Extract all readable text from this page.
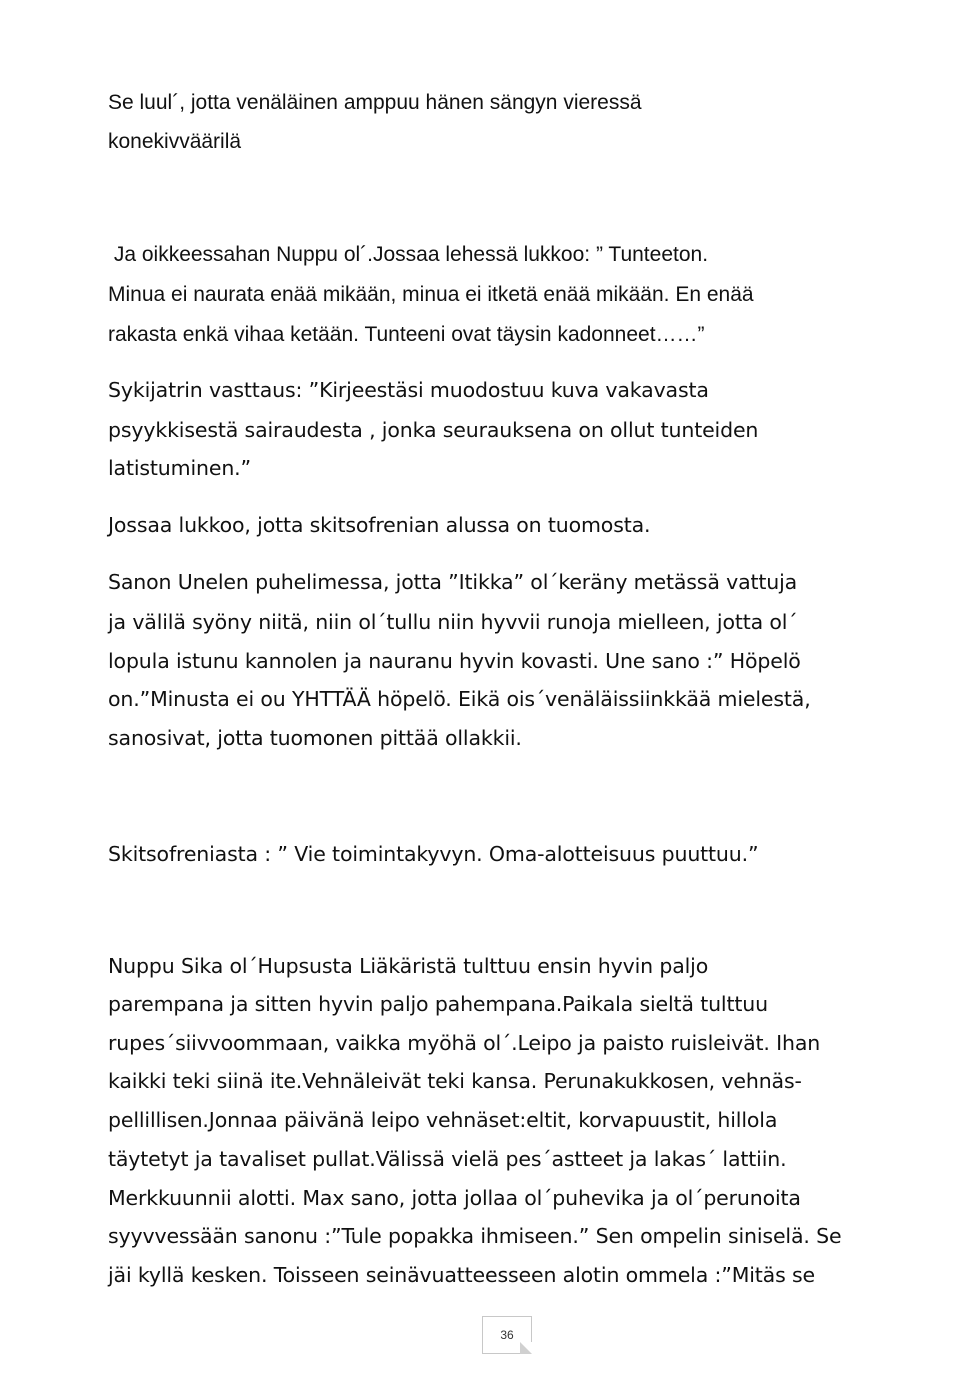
Se luul´, jotta venäläinen amppuu hänen sängyn vieressä
konekivväärilä
Ja oikkeessahan Nuppu ol´.Jossaa lehessä lukkoo: ” Tunteeton.
Minua ei naurata enää mikään, minua ei itketä enää mikään. En enää
rakasta enkä vihaa ketään. Tunteeni ovat täysin kadonneet……”
Sykijatrin vasttaus: ”Kirjeestäsi muodostuu kuva vakavasta
psyykkisestä sairaudesta , jonka seurauksena on ollut tunteiden
latistuminen.”
Jossaa lukkoo, jotta skitsofrenian alussa on tuomosta.
Sanon Unelen puhelimessa, jotta ”Itikka” ol´keräny metässä vattuja
ja välilä syöny niitä, niin ol´tullu niin hyvvii runoja mielleen, jotta ol´
lopula istunu kannolen ja nauranu hyvin kovasti. Une sano :” Höpelö
on.”Minusta ei ou YHTTÄÄ höpelö. Eikä ois´venäläissiinkkää mielestä,
sanosivat, jotta tuomonen pittää ollakkii.
Skitsofreniasta : ” Vie toimintakyvyn. Oma-alotteisuus puuttuu.”
Nuppu Sika ol´Hupsusta Liäkäristä tulttuu ensin hyvin paljo
parempana ja sitten hyvin paljo pahempana.Paikala sieltä tulttuu
rupes´siivvoommaan, vaikka myöhä ol´.Leipo ja paisto ruisleivät. Ihan
kaikki teki siinä ite.Vehnäleivät teki kansa. Perunakukkosen, vehnäs-
pellillisen.Jonnaa päivänä leipo vehnäset:eltit, korvapuustit, hillola
täytetyt ja tavaliset pullat.Välissä vielä pes´astteet ja lakas´ lattiin.
Merkkuunnii alotti. Max sano, jotta jollaa ol´puhevika ja ol´perunoita
syyvvessään sanonu :”Tule popakka ihmiseen.” Sen ompelin siniselä. Se
jäi kyllä kesken. Toisseen seinävuatteesseen alotin ommela :”Mitäs se
36
